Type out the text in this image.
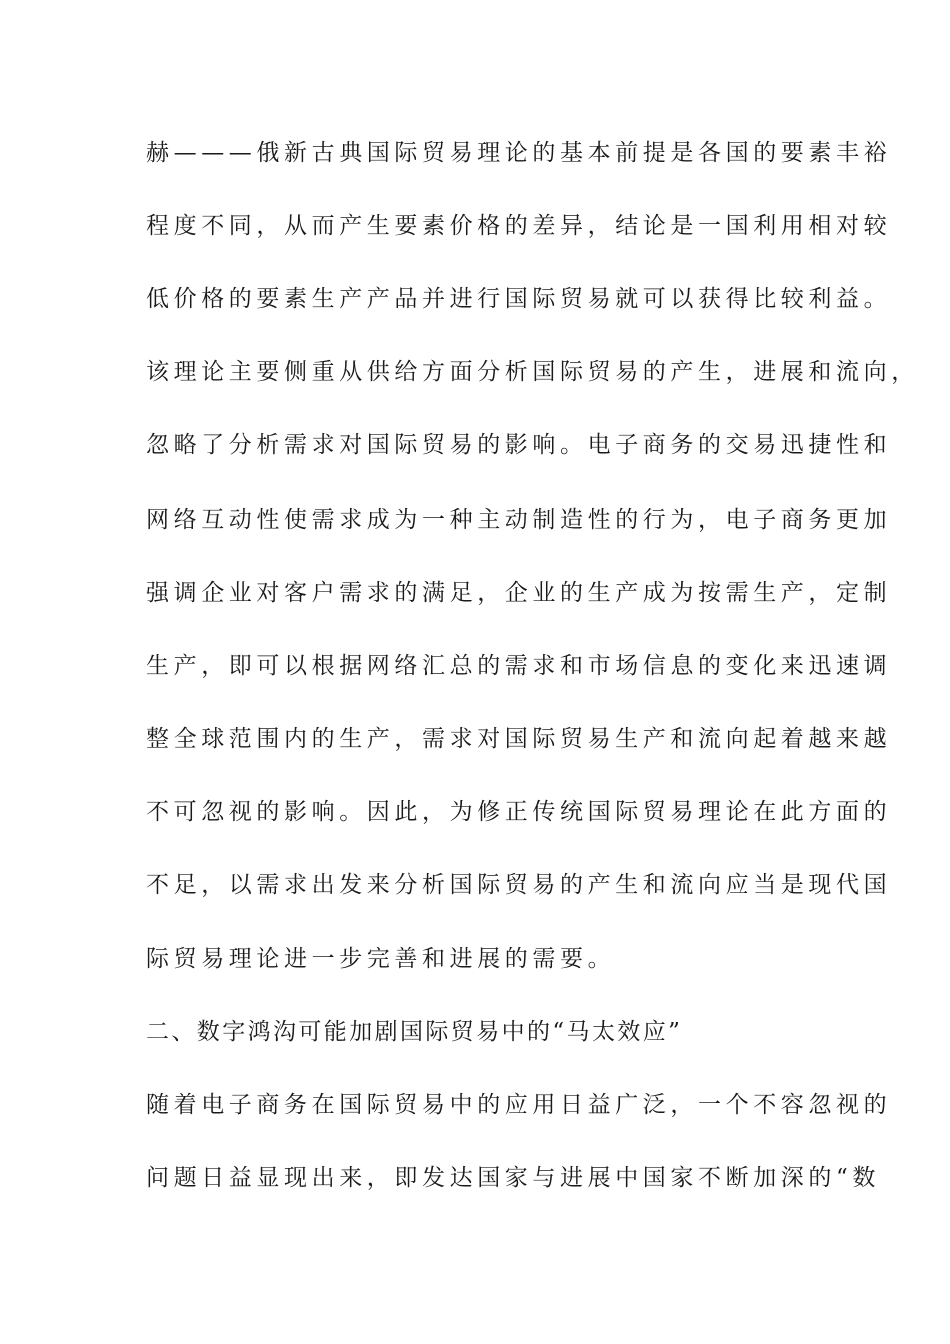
赫———俄新古典国际贸易理论的基本前提是各国的要素丰裕
程度不同，从而产生要素价格的差异，结论是一国利用相对较
低价格的要素生产产品并进行国际贸易就可以获得比较利益。
该理论主要侧重从供给方面分析国际贸易的产生，进展和流向，
忽略了分析需求对国际贸易的影响。电子商务的交易迅捷性和
网络互动性使需求成为一种主动制造性的行为，电子商务更加
强调企业对客户需求的满足，企业的生产成为按需生产，定制
生产，即可以根据网络汇总的需求和市场信息的变化来迅速调
整全球范围内的生产，需求对国际贸易生产和流向起着越来越
不可忽视的影响。因此，为修正传统国际贸易理论在此方面的
不足，以需求出发来分析国际贸易的产生和流向应当是现代国
际贸易理论进一步完善和进展的需要。
二、数字鸿沟可能加剧国际贸易中的“马太效应”
随着电子商务在国际贸易中的应用日益广泛，一个不容忽视的
问题日益显现出来，即发达国家与进展中国家不断加深的“数
